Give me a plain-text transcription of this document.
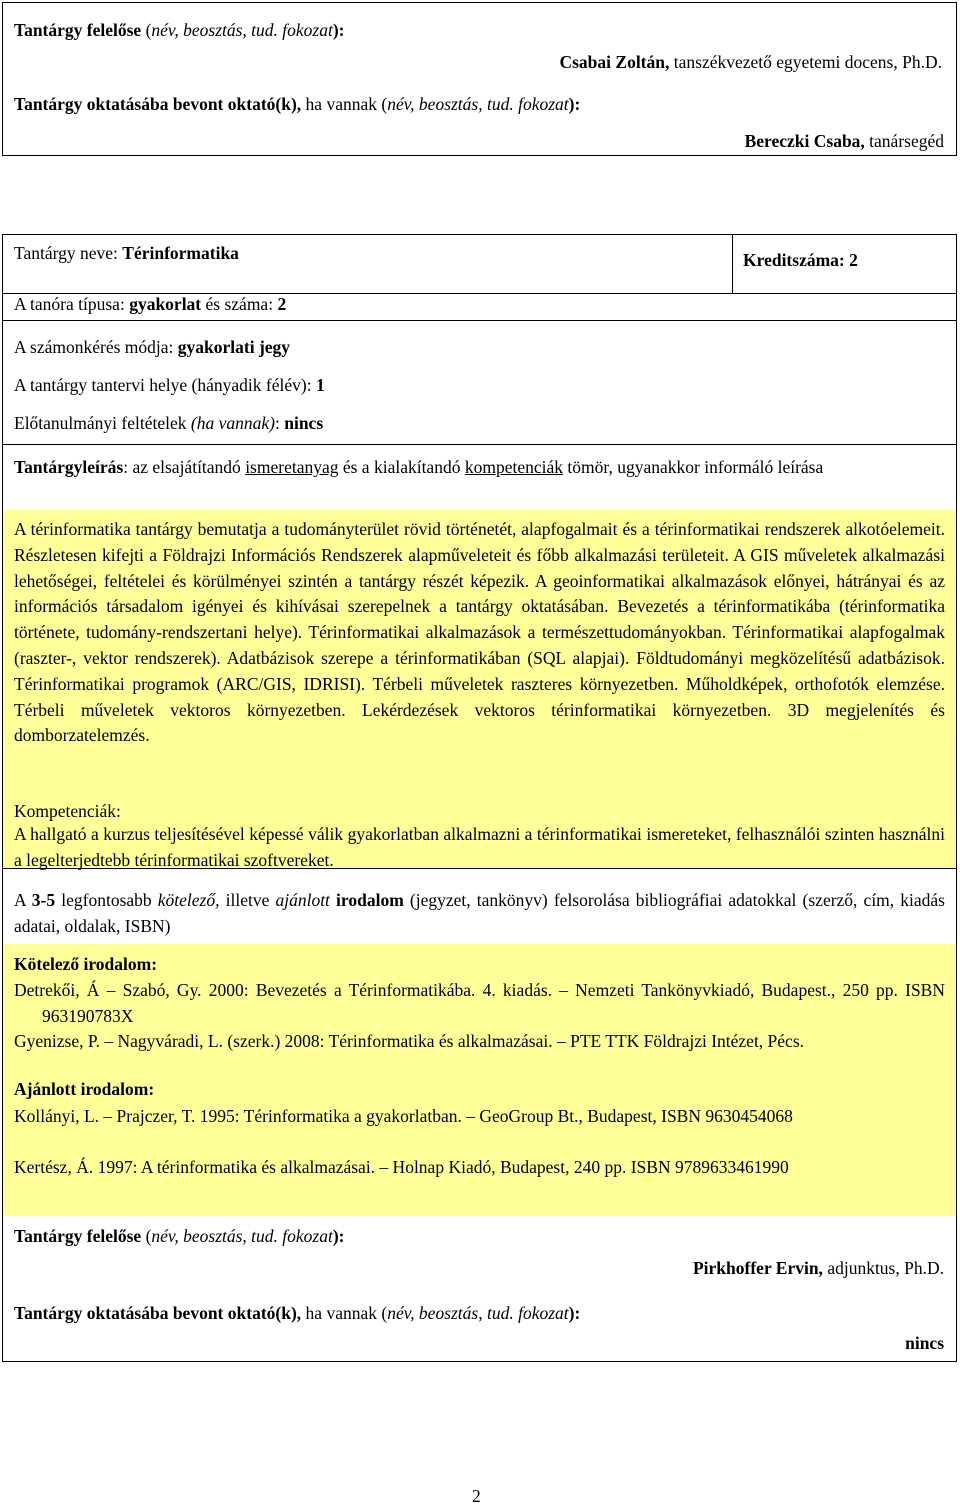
Tantárgy felelőse (név, beosztás, tud. fokozat):
Csabai Zoltán, tanszékvezető egyetemi docens, Ph.D.
Tantárgy oktatásába bevont oktató(k), ha vannak (név, beosztás, tud. fokozat):
Bereczki Csaba, tanársegéd
Tantárgy neve: Térinformatika	Kreditszáma: 2
A tanóra típusa: gyakorlat és száma: 2
A számonkérés módja: gyakorlati jegy
A tantárgy tantervi helye (hányadik félév): 1
Előtanulmányi feltételek (ha vannak): nincs
Tantárgyleírás: az elsajátítandó ismeretanyag és a kialakítandó kompetenciák tömör, ugyanakkor informáló leírása
A térinformatika tantárgy bemutatja a tudományterület rövid történetét, alapfogalmait és a térinformatikai rendszerek alkotóelemeit. Részletesen kifejti a Földrajzi Információs Rendszerek alapműveleteit és főbb alkalmazási területeit. A GIS műveletek alkalmazási lehetőségei, feltételei és körülményei szintén a tantárgy részét képezik. A geoinformatikai alkalmazások előnyei, hátrányai és az információs társadalom igényei és kihívásai szerepelnek a tantárgy oktatásában. Bevezetés a térinformatikába (térinformatika története, tudomány-rendszertani helye). Térinformatikai alkalmazások a természettudományokban. Térinformatikai alapfogalmak (raszter-, vektor rendszerek). Adatbázisok szerepe a térinformatikában (SQL alapjai). Földtudományi megközelítésű adatbázisok. Térinformatikai programok (ARC/GIS, IDRISI). Térbeli műveletek raszteres környezetben. Műholdképek, orthofotók elemzése. Térbeli műveletek vektoros környezetben. Lekérdezések vektoros térinformatikai környezetben. 3D megjelenítés és domborzatelemzés.
Kompetenciák:
A hallgató a kurzus teljesítésével képessé válik gyakorlatban alkalmazni a térinformatikai ismereteket, felhasználói szinten használni a legelterjedtebb térinformatikai szoftvereket.
A 3-5 legfontosabb kötelező, illetve ajánlott irodalom (jegyzet, tankönyv) felsorolása bibliográfiai adatokkal (szerző, cím, kiadás adatai, oldalak, ISBN)
Kötelező irodalom:
Detrekői, Á – Szabó, Gy. 2000: Bevezetés a Térinformatikába. 4. kiadás. – Nemzeti Tankönyvkiadó, Budapest., 250 pp. ISBN 963190783X
Gyenizse, P. – Nagyváradi, L. (szerk.) 2008: Térinformatika és alkalmazásai. – PTE TTK Földrajzi Intézet, Pécs.
Ajánlott irodalom:
Kollányi, L. – Prajczer, T. 1995: Térinformatika a gyakorlatban. – GeoGroup Bt., Budapest, ISBN 9630454068
Kertész, Á. 1997: A térinformatika és alkalmazásai. – Holnap Kiadó, Budapest, 240 pp. ISBN 9789633461990
Tantárgy felelőse (név, beosztás, tud. fokozat):
Pirkhoffer Ervin, adjunktus, Ph.D.
Tantárgy oktatásába bevont oktató(k), ha vannak (név, beosztás, tud. fokozat):
nincs
2
